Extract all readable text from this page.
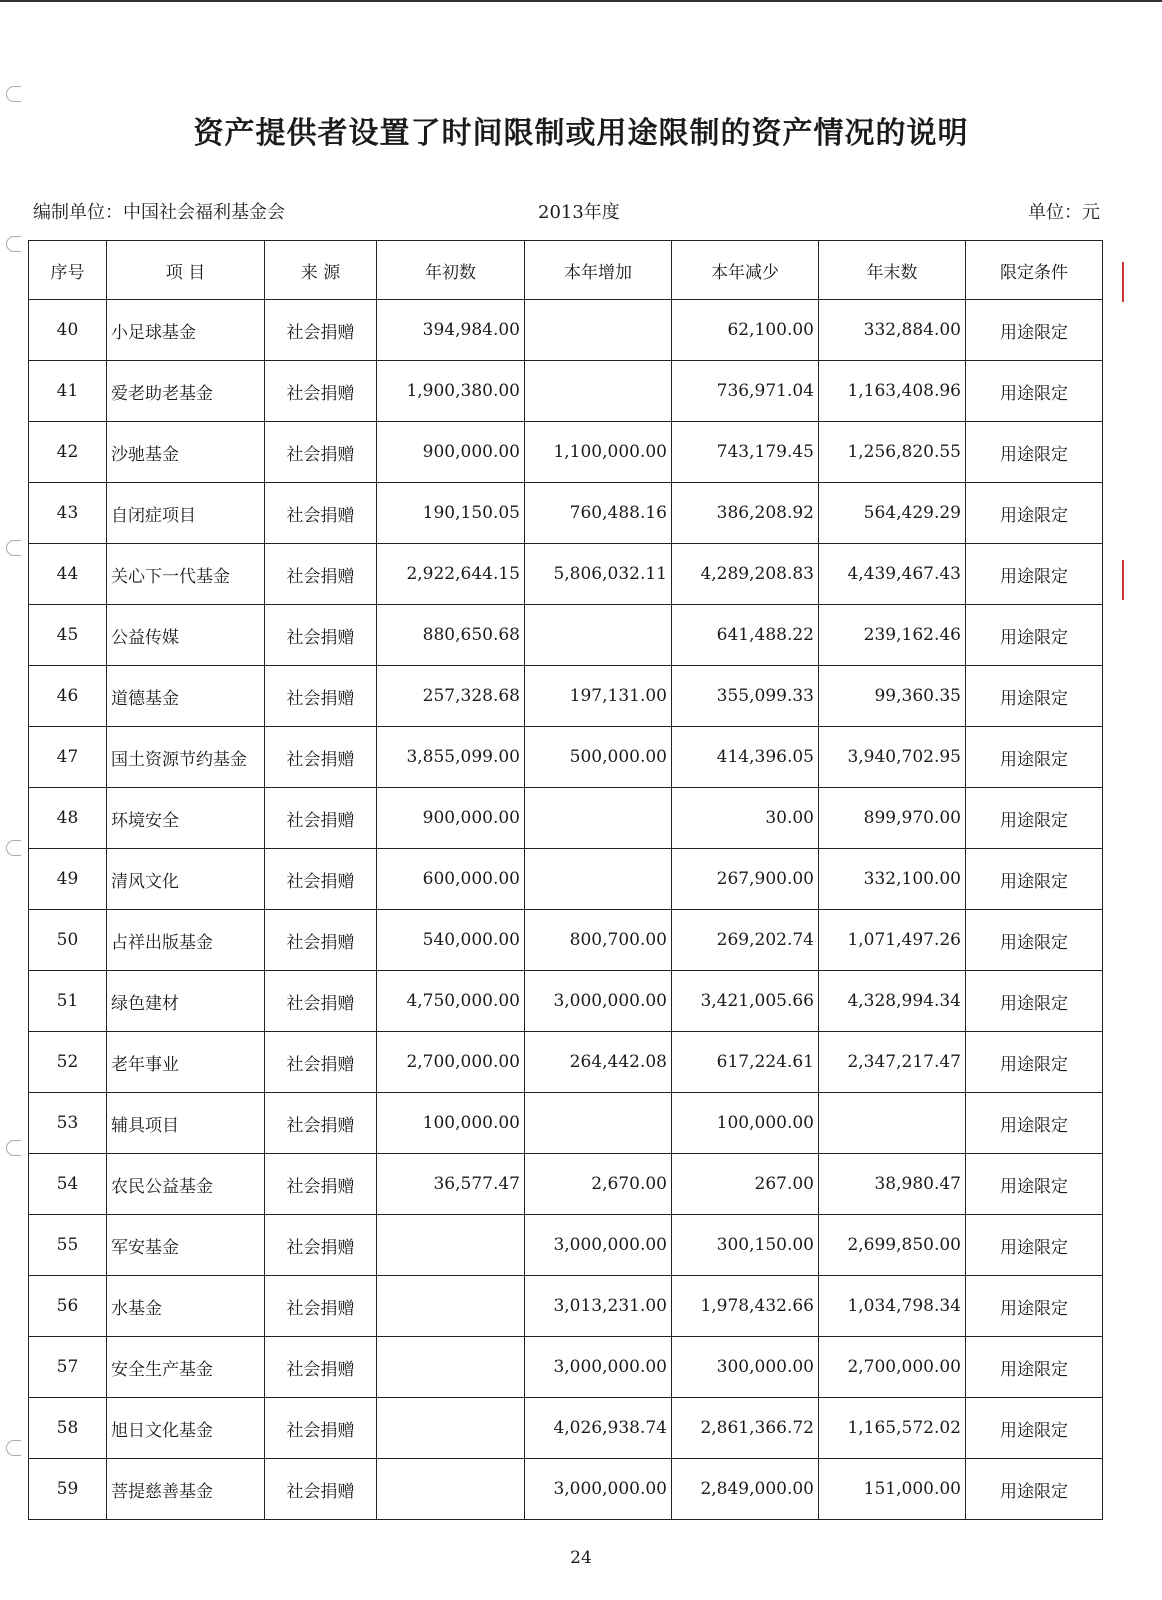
资产提供者设置了时间限制或用途限制的资产情况的说明
编制单位：中国社会福利基金会	2013年度	单位：元
序号	项 目	来 源	年初数	本年增加	本年减少	年末数	限定条件
40	小足球基金	社会捐赠	394,984.00		62,100.00	332,884.00	用途限定
41	爱老助老基金	社会捐赠	1,900,380.00		736,971.04	1,163,408.96	用途限定
42	沙驰基金	社会捐赠	900,000.00	1,100,000.00	743,179.45	1,256,820.55	用途限定
43	自闭症项目	社会捐赠	190,150.05	760,488.16	386,208.92	564,429.29	用途限定
44	关心下一代基金	社会捐赠	2,922,644.15	5,806,032.11	4,289,208.83	4,439,467.43	用途限定
45	公益传媒	社会捐赠	880,650.68		641,488.22	239,162.46	用途限定
46	道德基金	社会捐赠	257,328.68	197,131.00	355,099.33	99,360.35	用途限定
47	国土资源节约基金	社会捐赠	3,855,099.00	500,000.00	414,396.05	3,940,702.95	用途限定
48	环境安全	社会捐赠	900,000.00		30.00	899,970.00	用途限定
49	清风文化	社会捐赠	600,000.00		267,900.00	332,100.00	用途限定
50	占祥出版基金	社会捐赠	540,000.00	800,700.00	269,202.74	1,071,497.26	用途限定
51	绿色建材	社会捐赠	4,750,000.00	3,000,000.00	3,421,005.66	4,328,994.34	用途限定
52	老年事业	社会捐赠	2,700,000.00	264,442.08	617,224.61	2,347,217.47	用途限定
53	辅具项目	社会捐赠	100,000.00		100,000.00		用途限定
54	农民公益基金	社会捐赠	36,577.47	2,670.00	267.00	38,980.47	用途限定
55	军安基金	社会捐赠		3,000,000.00	300,150.00	2,699,850.00	用途限定
56	水基金	社会捐赠		3,013,231.00	1,978,432.66	1,034,798.34	用途限定
57	安全生产基金	社会捐赠		3,000,000.00	300,000.00	2,700,000.00	用途限定
58	旭日文化基金	社会捐赠		4,026,938.74	2,861,366.72	1,165,572.02	用途限定
59	菩提慈善基金	社会捐赠		3,000,000.00	2,849,000.00	151,000.00	用途限定
24
